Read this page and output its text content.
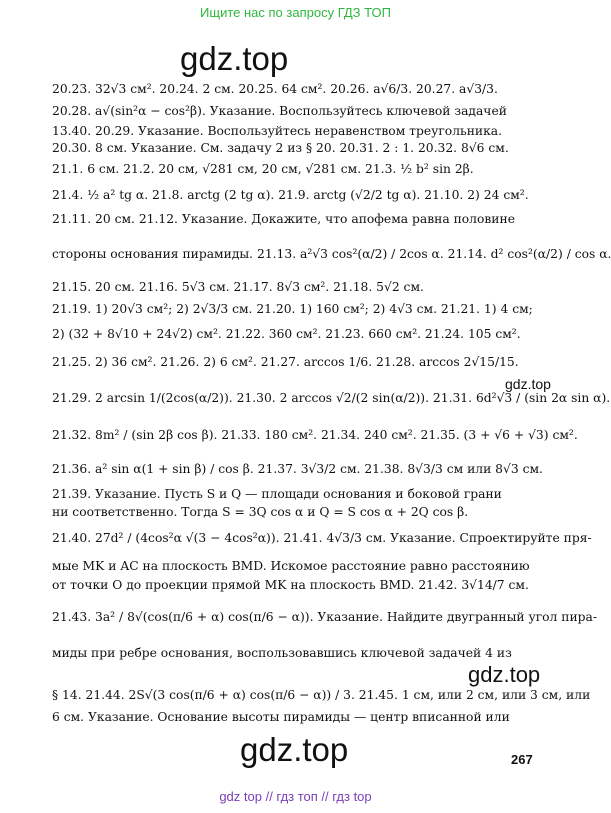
Ищите нас по запросу ГДЗ ТОП
gdz.top
gdz.top
gdz.top
gdz.top
20.23. 32√3 см². 20.24. 2 см. 20.25. 64 см². 20.26. a√6/3. 20.27. a√3/3.
20.28. a√(sin²α − cos²β). Указание. Воспользуйтесь ключевой задачей
13.40. 20.29. Указание. Воспользуйтесь неравенством треугольника.
20.30. 8 см. Указание. См. задачу 2 из § 20. 20.31. 2 : 1. 20.32. 8√6 см.
21.1. 6 см. 21.2. 20 см, √281 см, 20 см, √281 см. 21.3. ½ b² sin 2β.
21.4. ½ a² tg α. 21.8. arctg (2 tg α). 21.9. arctg (√2/2 tg α). 21.10. 2) 24 см².
21.11. 20 см. 21.12. Указание. Докажите, что апофема равна половине
стороны основания пирамиды. 21.13. a²√3 cos²(α/2) / 2cos α. 21.14. d² cos²(α/2) / cos α.
21.15. 20 см. 21.16. 5√3 см. 21.17. 8√3 см². 21.18. 5√2 см.
21.19. 1) 20√3 см²; 2) 2√3/3 см. 21.20. 1) 160 см²; 2) 4√3 см. 21.21. 1) 4 см;
2) (32 + 8√10 + 24√2) см². 21.22. 360 см². 21.23. 660 см². 21.24. 105 см².
21.25. 2) 36 см². 21.26. 2) 6 см². 21.27. arccos 1/6. 21.28. arccos 2√15/15.
21.29. 2 arcsin 1/(2cos(α/2)). 21.30. 2 arccos √2/(2 sin(α/2)). 21.31. 6d²√3 / (sin 2α sin α).
21.32. 8m² / (sin 2β cos β). 21.33. 180 см². 21.34. 240 см². 21.35. (3 + √6 + √3) см².
21.36. a² sin α(1 + sin β) / cos β. 21.37. 3√3/2 см. 21.38. 8√3/3 см или 8√3 см.
21.39. Указание. Пусть S и Q — площади основания и боковой грани
ни соответственно. Тогда S = 3Q cos α и Q = S cos α + 2Q cos β.
21.40. 27d² / (4cos²α √(3 − 4cos²α)). 21.41. 4√3/3 см. Указание. Спроектируйте пря-
мые MK и AC на плоскость BMD. Искомое расстояние равно расстоянию
от точки O до проекции прямой MK на плоскость BMD. 21.42. 3√14/7 см.
21.43. 3a² / 8√(cos(π/6 + α) cos(π/6 − α)). Указание. Найдите двугранный угол пира-
миды при ребре основания, воспользовавшись ключевой задачей 4 из
§ 14. 21.44. 2S√(3 cos(π/6 + α) cos(π/6 − α)) / 3. 21.45. 1 см, или 2 см, или 3 см, или
6 см. Указание. Основание высоты пирамиды — центр вписанной или
267
gdz top // гдз топ // гдз top
